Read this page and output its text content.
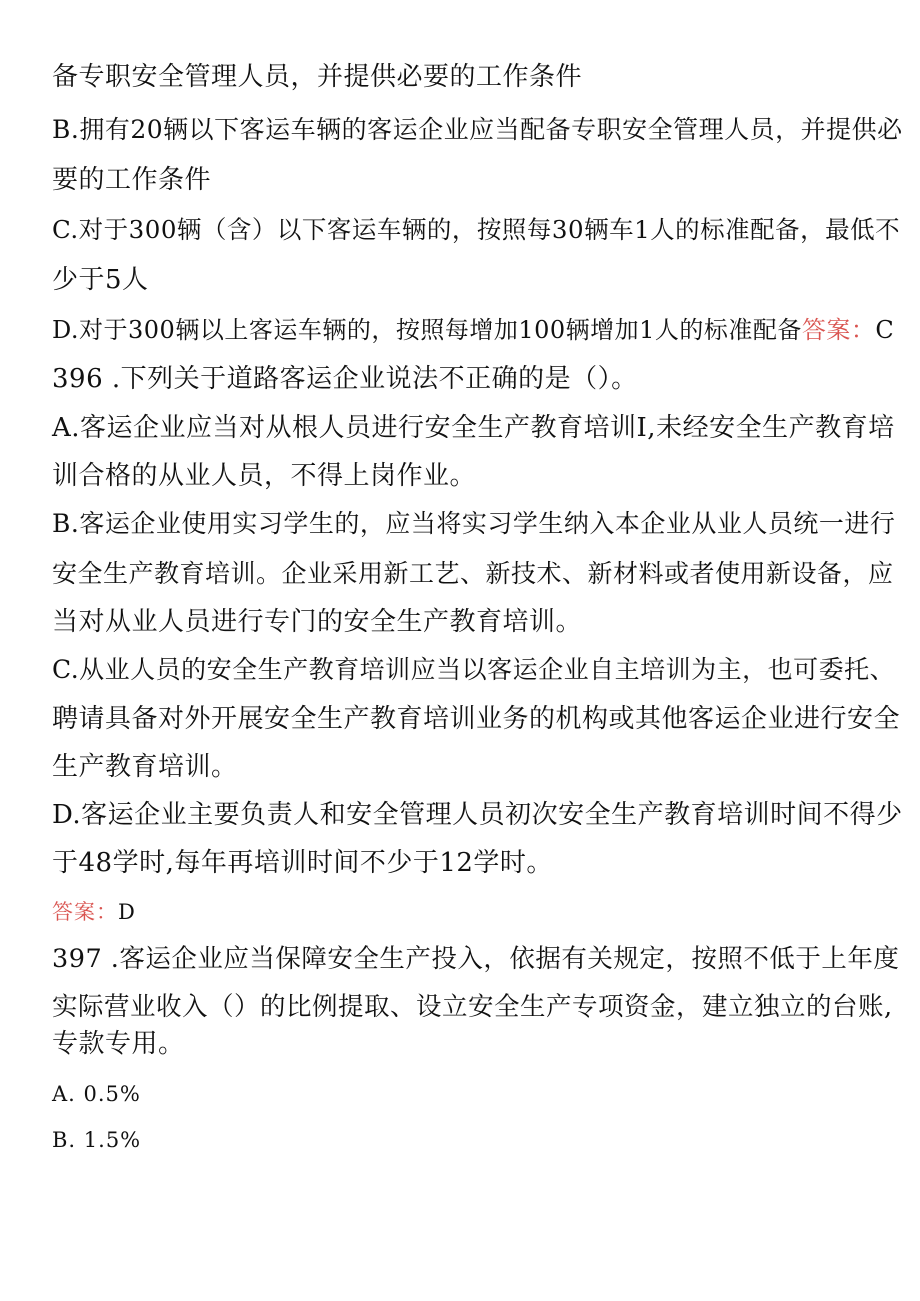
备专职安全管理人员，并提供必要的工作条件
B.拥有20辆以下客运车辆的客运企业应当配备专职安全管理人员，并提供必
要的工作条件
C.对于300辆（含）以下客运车辆的，按照每30辆车1人的标准配备，最低不
少于5人
D.对于300辆以上客运车辆的，按照每增加100辆增加1人的标准配备答案：C
396 .下列关于道路客运企业说法不正确的是（）。
A.客运企业应当对从根人员进行安全生产教育培训I,未经安全生产教育培
训合格的从业人员，不得上岗作业。
B.客运企业使用实习学生的，应当将实习学生纳入本企业从业人员统一进行
安全生产教育培训。企业采用新工艺、新技术、新材料或者使用新设备，应
当对从业人员进行专门的安全生产教育培训。
C.从业人员的安全生产教育培训应当以客运企业自主培训为主，也可委托、
聘请具备对外开展安全生产教育培训业务的机构或其他客运企业进行安全
生产教育培训。
D.客运企业主要负责人和安全管理人员初次安全生产教育培训时间不得少
于48学时,每年再培训时间不少于12学时。
答案：D
397 .客运企业应当保障安全生产投入，依据有关规定，按照不低于上年度
实际营业收入（）的比例提取、设立安全生产专项资金，建立独立的台账,
专款专用。
A. 0.5%
B. 1.5%
